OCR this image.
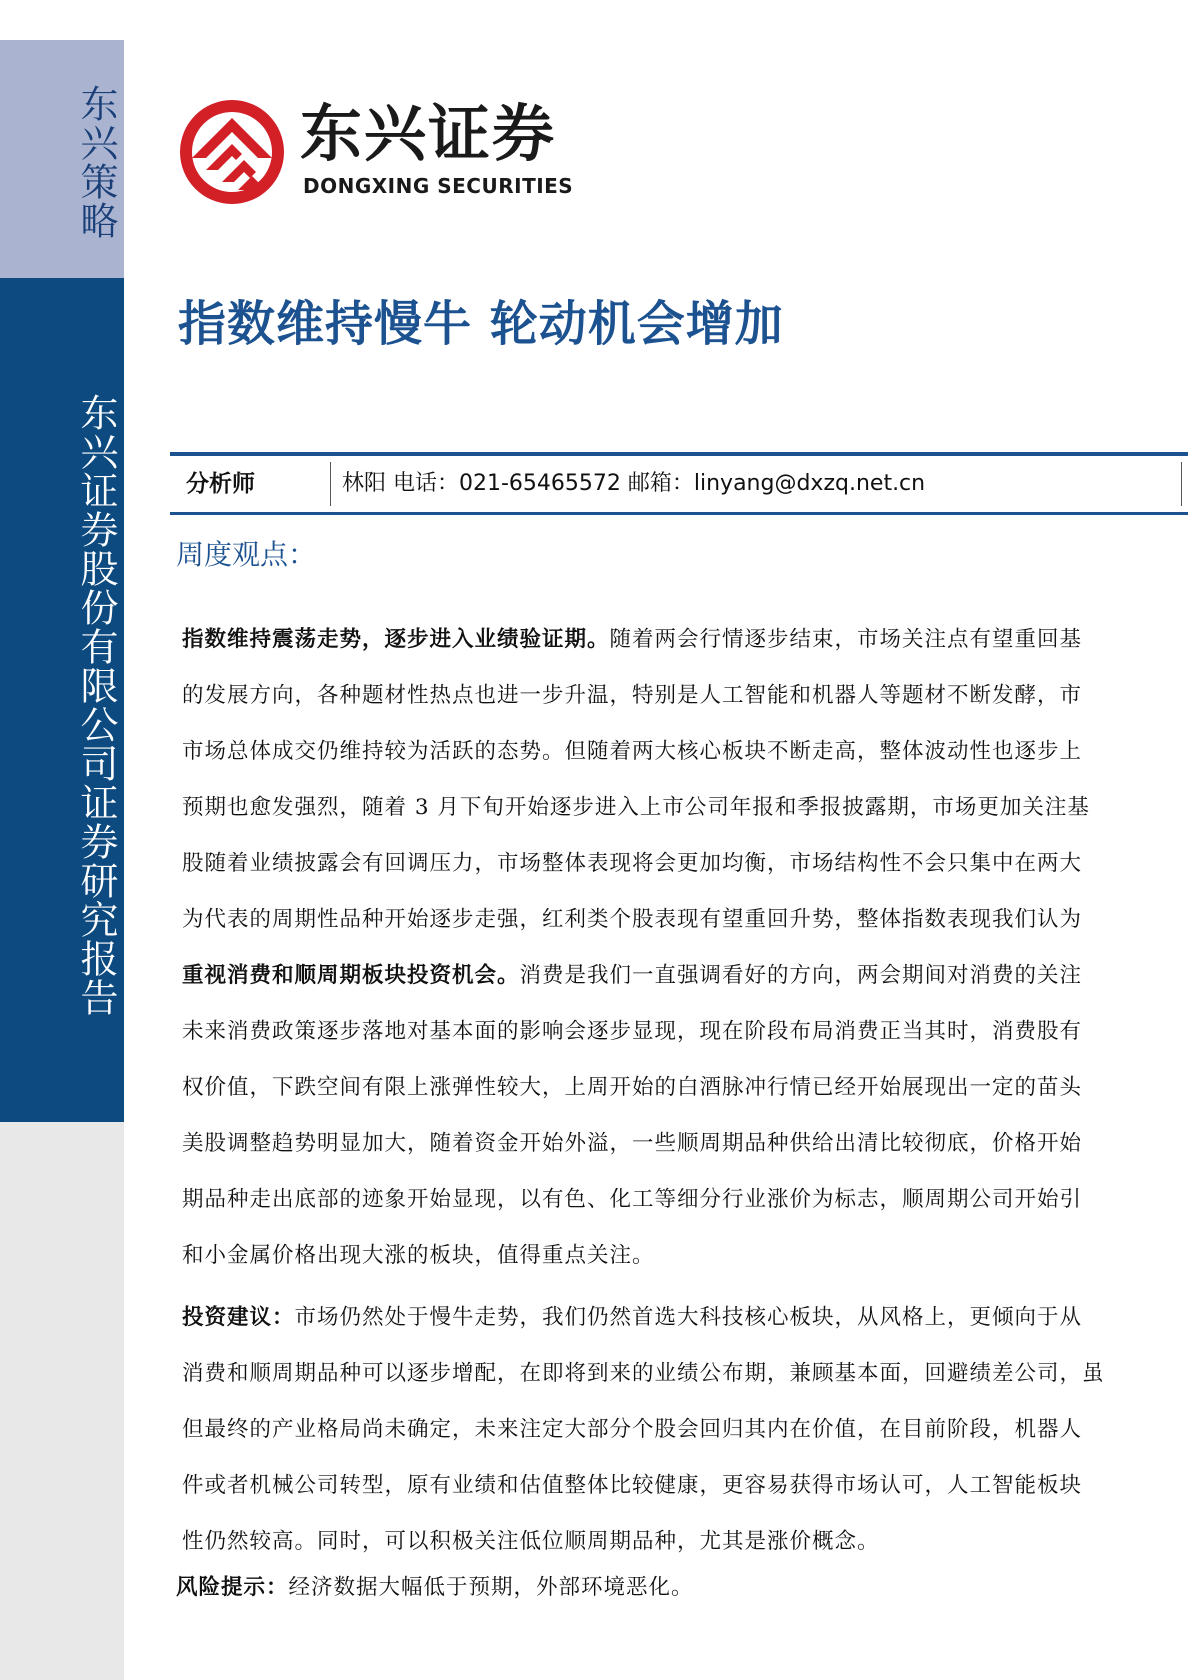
东兴策略
东兴证券股份有限公司证券研究报告
东兴证券
DONGXING SECURITIES
指数维持慢牛 轮动机会增加
分析师	林阳 电话：021-65465572 邮箱：linyang@dxzq.net.cn
周度观点：
指数维持震荡走势，逐步进入业绩验证期。随着两会行情逐步结束，市场关注点有望重回基
的发展方向，各种题材性热点也进一步升温，特别是人工智能和机器人等题材不断发酵，市
市场总体成交仍维持较为活跃的态势。但随着两大核心板块不断走高，整体波动性也逐步上
预期也愈发强烈，随着 3 月下旬开始逐步进入上市公司年报和季报披露期，市场更加关注基
股随着业绩披露会有回调压力，市场整体表现将会更加均衡，市场结构性不会只集中在两大
为代表的周期性品种开始逐步走强，红利类个股表现有望重回升势，整体指数表现我们认为
重视消费和顺周期板块投资机会。消费是我们一直强调看好的方向，两会期间对消费的关注
未来消费政策逐步落地对基本面的影响会逐步显现，现在阶段布局消费正当其时，消费股有
权价值，下跌空间有限上涨弹性较大，上周开始的白酒脉冲行情已经开始展现出一定的苗头
美股调整趋势明显加大，随着资金开始外溢，一些顺周期品种供给出清比较彻底，价格开始
期品种走出底部的迹象开始显现，以有色、化工等细分行业涨价为标志，顺周期公司开始引
和小金属价格出现大涨的板块，值得重点关注。
投资建议：市场仍然处于慢牛走势，我们仍然首选大科技核心板块，从风格上，更倾向于从
消费和顺周期品种可以逐步增配，在即将到来的业绩公布期，兼顾基本面，回避绩差公司，虽
但最终的产业格局尚未确定，未来注定大部分个股会回归其内在价值，在目前阶段，机器人
件或者机械公司转型，原有业绩和估值整体比较健康，更容易获得市场认可，人工智能板块
性仍然较高。同时，可以积极关注低位顺周期品种，尤其是涨价概念。
风险提示：经济数据大幅低于预期，外部环境恶化。
